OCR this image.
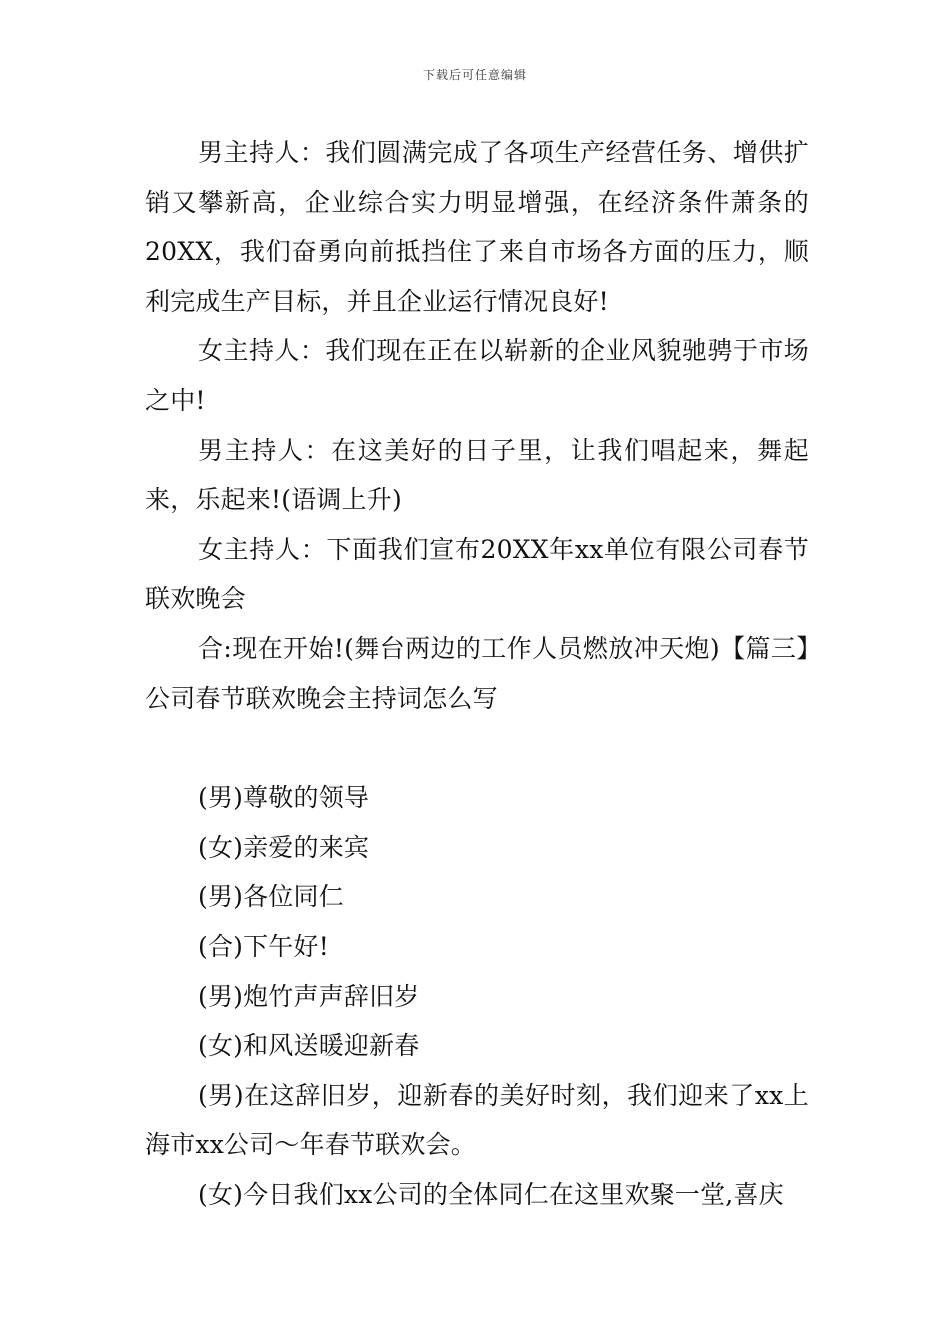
下载后可任意编辑

男主持人：我们圆满完成了各项生产经营任务、增供扩销又攀新高，企业综合实力明显增强，在经济条件萧条的20XX，我们奋勇向前抵挡住了来自市场各方面的压力，顺利完成生产目标，并且企业运行情况良好!

女主持人：我们现在正在以崭新的企业风貌驰骋于市场之中!

男主持人：在这美好的日子里，让我们唱起来，舞起来，乐起来!(语调上升)

女主持人：下面我们宣布20XX年xx单位有限公司春节联欢晚会

合:现在开始!(舞台两边的工作人员燃放冲天炮)【篇三】公司春节联欢晚会主持词怎么写

(男)尊敬的领导

(女)亲爱的来宾

(男)各位同仁

(合)下午好!

(男)炮竹声声辞旧岁

(女)和风送暖迎新春

(男)在这辞旧岁，迎新春的美好时刻，我们迎来了xx上海市xx公司～年春节联欢会。

(女)今日我们xx公司的全体同仁在这里欢聚一堂,喜庆
